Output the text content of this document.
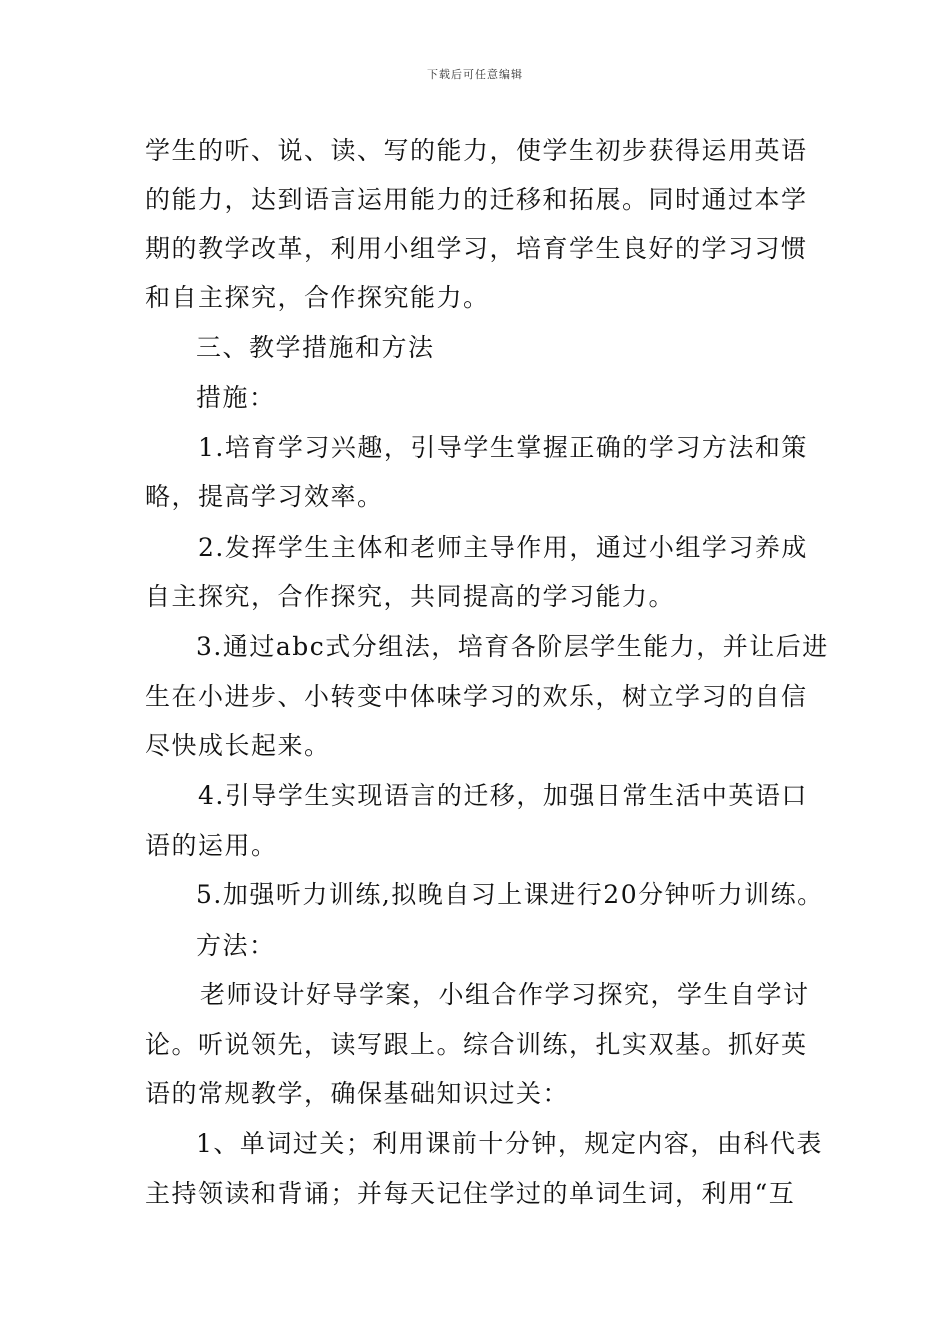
下载后可任意编辑
学生的听、说、读、写的能力，使学生初步获得运用英语
的能力，达到语言运用能力的迁移和拓展。同时通过本学
期的教学改革，利用小组学习，培育学生良好的学习习惯
和自主探究，合作探究能力。
三、教学措施和方法
措施：
1.培育学习兴趣，引导学生掌握正确的学习方法和策
略，提高学习效率。
2.发挥学生主体和老师主导作用，通过小组学习养成
自主探究，合作探究，共同提高的学习能力。
3.通过abc式分组法，培育各阶层学生能力，并让后进
生在小进步、小转变中体味学习的欢乐，树立学习的自信
尽快成长起来。
4.引导学生实现语言的迁移，加强日常生活中英语口
语的运用。
5.加强听力训练,拟晚自习上课进行20分钟听力训练。
方法：
老师设计好导学案，小组合作学习探究，学生自学讨
论。听说领先，读写跟上。综合训练，扎实双基。抓好英
语的常规教学，确保基础知识过关：
1、单词过关；利用课前十分钟，规定内容，由科代表
主持领读和背诵；并每天记住学过的单词生词，利用“互
